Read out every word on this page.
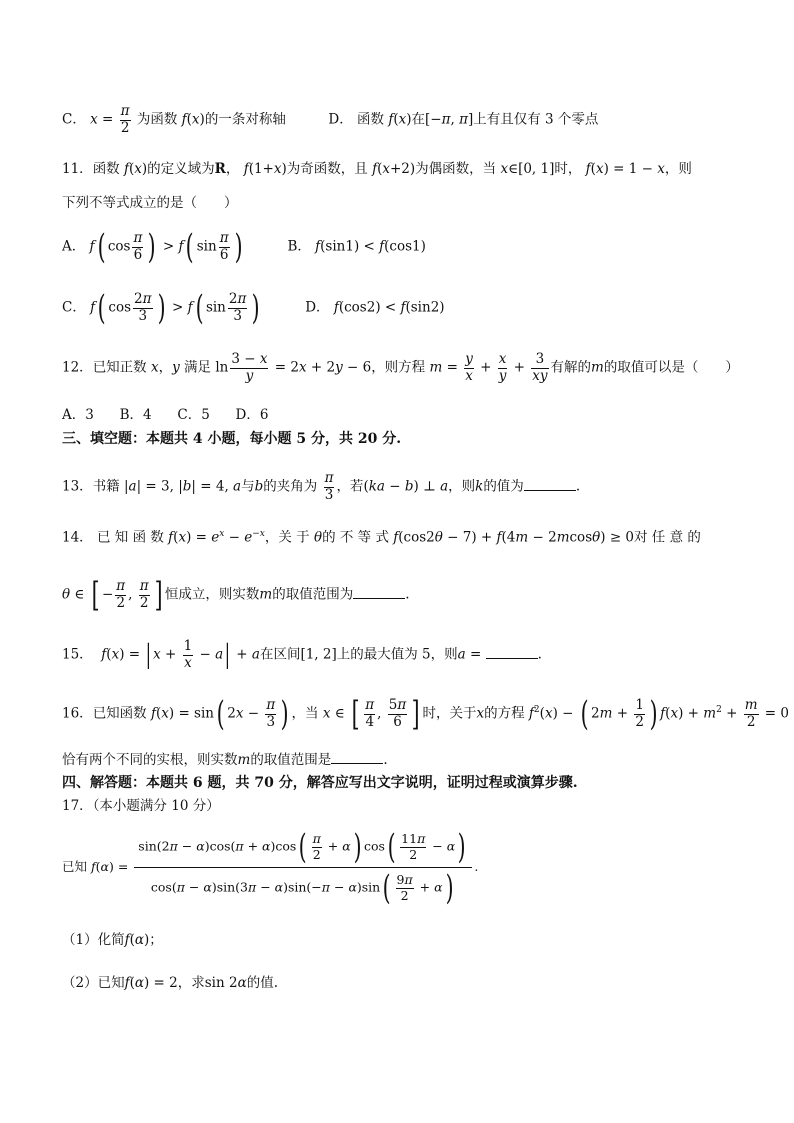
C． $x = \frac{\pi}{2}$ 为函数 f(x)的一条对称轴	D． 函数 f(x)在[−π, π]上有且仅有 3 个零点
11．函数 f(x)的定义域为R， f(1+x)为奇函数，且 f(x+2)为偶函数，当 x∈[0, 1]时， f(x) = 1 − x，则
下列不等式成立的是（　　）
A． f( $\cos \frac{\pi}{6}$ ) > f( $\sin \frac{\pi}{6}$ )	B． f(sin1) < f(cos1)
C． f( $\cos \frac{2\pi}{3}$ ) > f( $\sin \frac{2\pi}{3}$ )	D． f(cos2) < f(sin2)
12．已知正数 x，y 满足 $\ln \frac{3 - x}{y} = 2x + 2y - 6$，则方程 $m = \frac{y}{x} + \frac{x}{y} + \frac{3}{xy}$ 有解的m的取值可以是（　　）
A．3 B．4 C．5 D．6
三、填空题：本题共 4 小题，每小题 5 分，共 20 分.
13．书籍 |a| = 3, |b| = 4, a与b的夹角为 $\frac{\pi}{3}$ ，若(ka − b) ⊥ a，则k的值为	.
14． 已 知 函 数 $f(x) = e^x - e^{-x}$，关 于 θ的 不 等 式 f(cos2θ − 7) + f(4m − 2mcosθ) ≥ 0对 任 意 的
θ ∈ [ − $\frac{\pi}{2}$ , $\frac{\pi}{2}$ ] 恒成立，则实数m的取值范围为	.
15． f(x) = | $x + \frac{1}{x} - a| + a$在区间[1, 2]上的最大值为 5，则a =	.
16．已知函数 f(x) = sin( $2x - \frac{\pi}{3}$ ) ，当 x ∈ [ $\frac{\pi}{4}$ , $\frac{5\pi}{6}$ ] 时，关于x的方程 $f^2(x)$ − ( $2m + \frac{1}{2}$ ) $f(x) + m^2 + \frac{m}{2} = 0$
恰有两个不同的实根，则实数m的取值范围是	.
四、解答题：本题共 6 题，共 70 分，解答应写出文字说明，证明过程或演算步骤.
17．（本小题满分 10 分）
已知 $f(\alpha) = \frac{\sin(2\pi - \alpha)\cos(\pi + \alpha)\cos( \frac{\pi}{2} + \alpha) \cos( \frac{11\pi}{2} - \alpha)}{\cos(\pi - \alpha)\sin(3\pi - \alpha)\sin(-\pi - \alpha)\sin( \frac{9\pi}{2} + \alpha)}$ .
（1）化简f(α)；
（2）已知f(α) = 2，求sin 2α的值.
